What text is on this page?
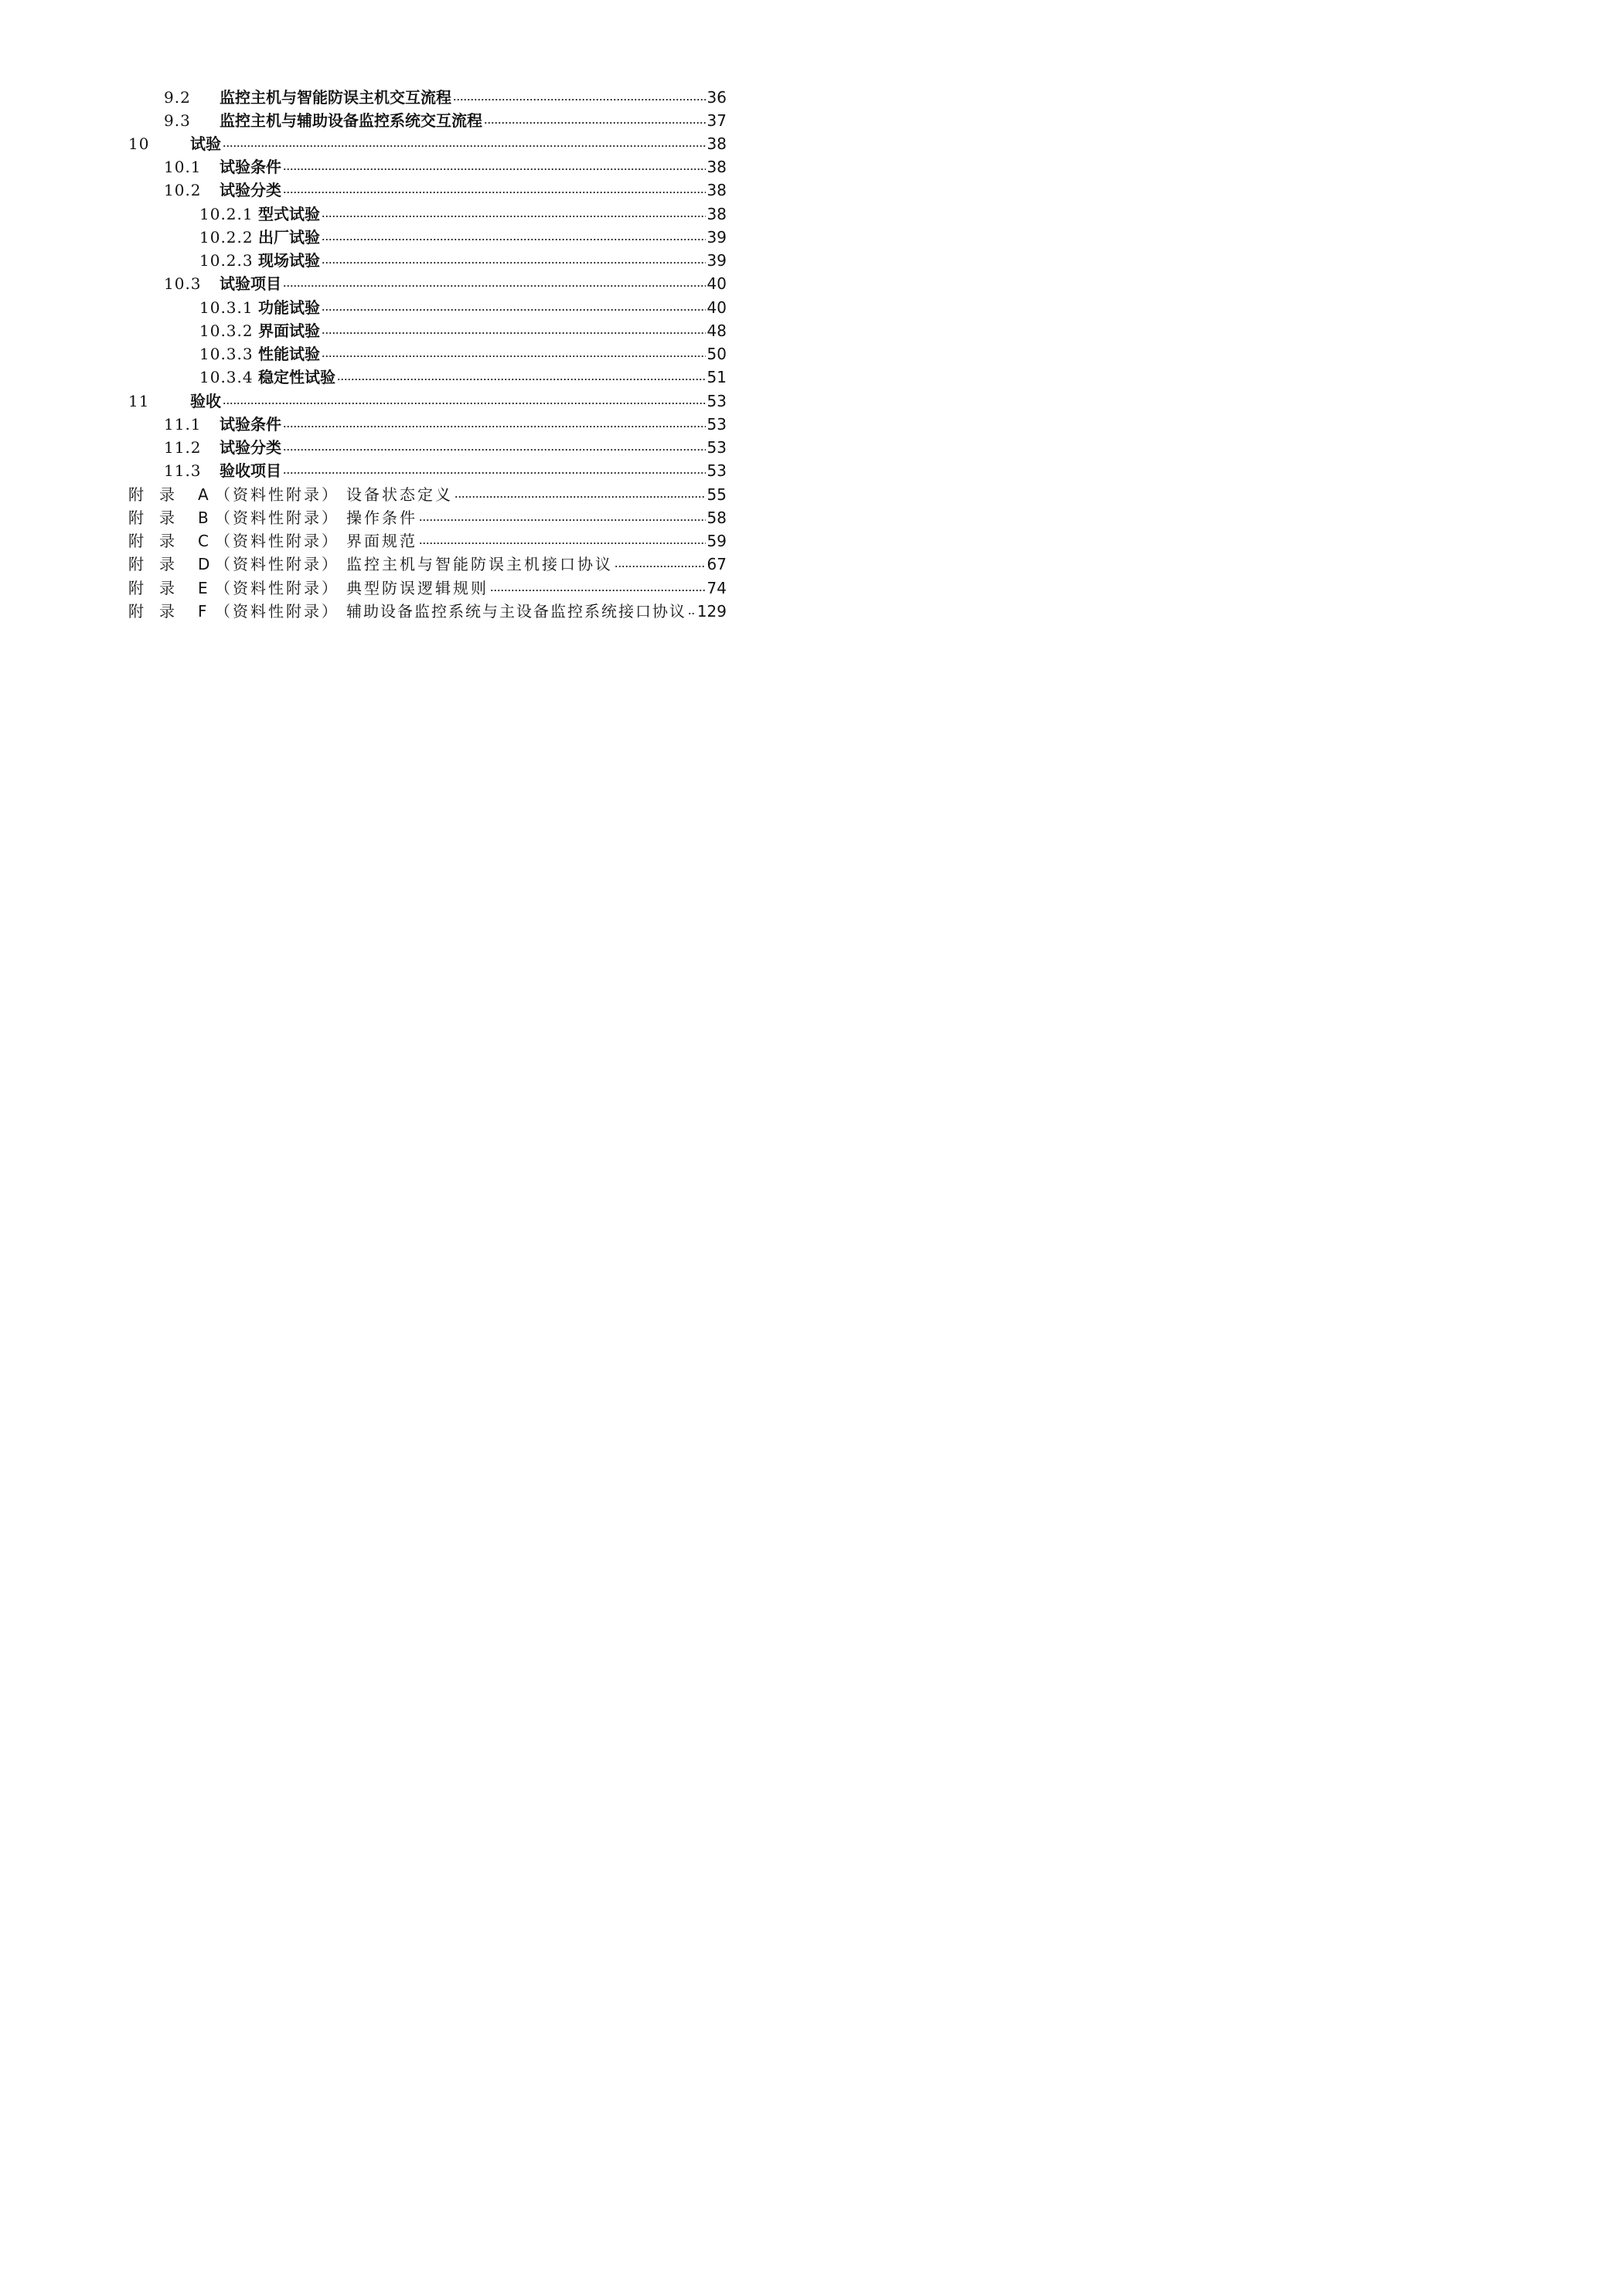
9.2	监控主机与智能防误主机交互流程	36
9.3	监控主机与辅助设备监控系统交互流程	37
10	试验	38
10.1	试验条件	38
10.2	试验分类	38
10.2.1 型式试验	38
10.2.2 出厂试验	39
10.2.3 现场试验	39
10.3	试验项目	40
10.3.1 功能试验	40
10.3.2 界面试验	48
10.3.3 性能试验	50
10.3.4 稳定性试验	51
11	验收	53
11.1	试验条件	53
11.2	试验分类	53
11.3	验收项目	53
附　录	A （资料性附录） 设备状态定义	55
附　录	B （资料性附录） 操作条件	58
附　录	C （资料性附录） 界面规范	59
附　录	D （资料性附录） 监控主机与智能防误主机接口协议	67
附　录	E （资料性附录） 典型防误逻辑规则	74
附　录	F （资料性附录） 辅助设备监控系统与主设备监控系统接口协议 129
